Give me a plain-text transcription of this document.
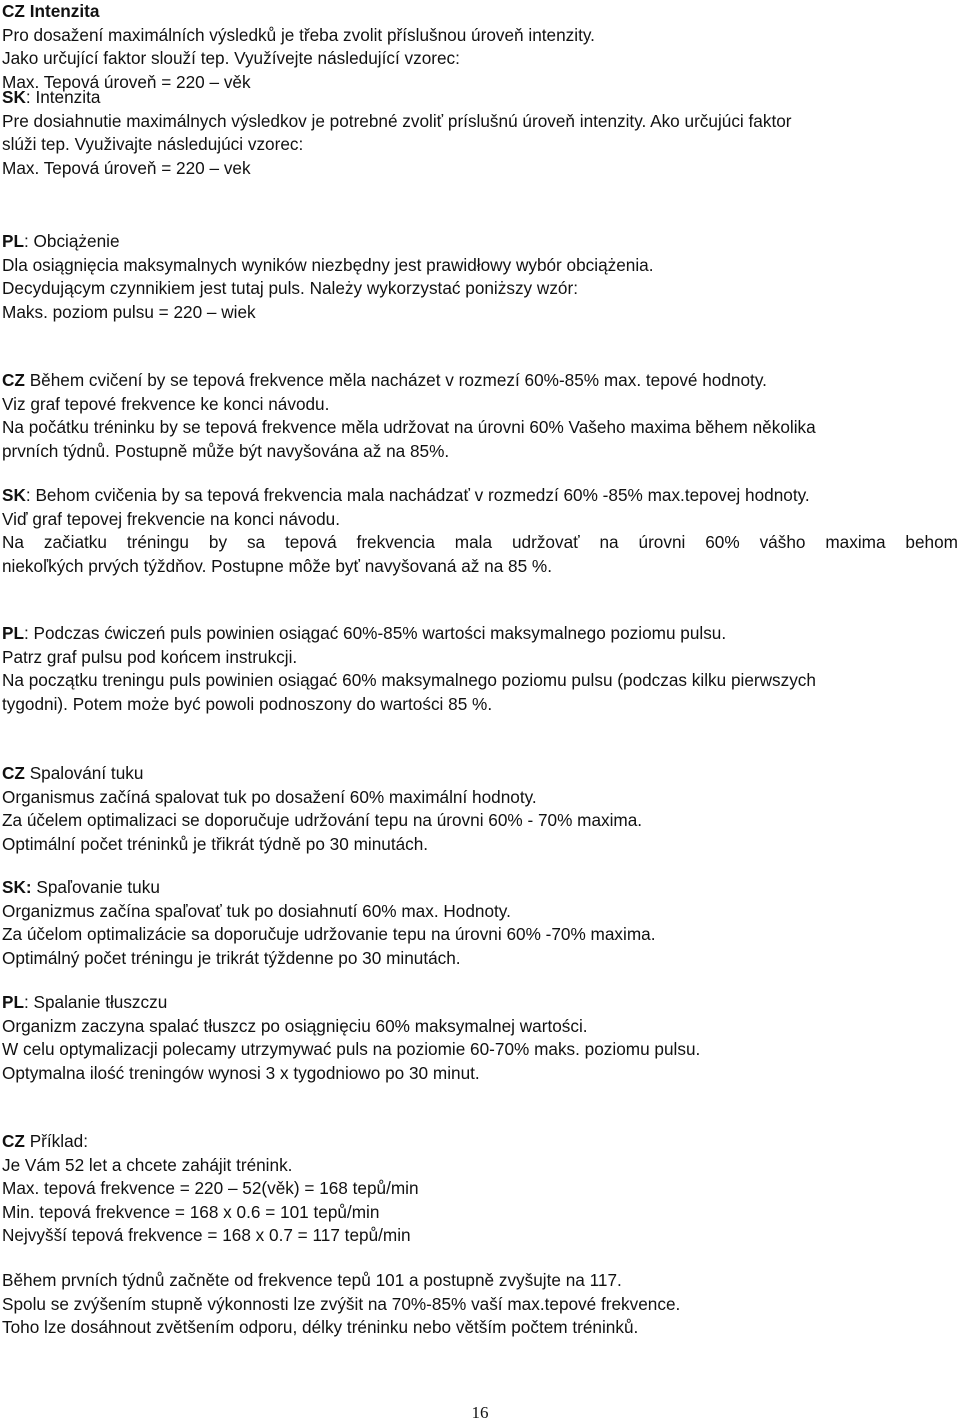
CZ Intenzita
Pro dosažení maximálních výsledků je třeba zvolit příslušnou úroveň intenzity.
Jako určující faktor slouží tep. Využívejte následující vzorec:
Max. Tepová úroveň = 220 – věk
SK: Intenzita
Pre dosiahnutie maximálnych výsledkov je potrebné zvoliť príslušnú úroveň intenzity. Ako určujúci faktor
slúži tep. Využivajte následujúci vzorec:
Max. Tepová úroveň = 220 – vek
PL: Obciążenie
Dla osiągnięcia maksymalnych wyników niezbędny jest prawidłowy wybór obciążenia.
Decydującym czynnikiem jest tutaj puls. Należy wykorzystać poniższy wzór:
Maks. poziom pulsu = 220 – wiek
CZ Během cvičení by se tepová frekvence měla nacházet v rozmezí 60%-85% max. tepové hodnoty.
Viz graf tepové frekvence ke konci návodu.
Na počátku tréninku by se tepová frekvence měla udržovat na úrovni 60% Vašeho maxima během několika
prvních týdnů. Postupně může být navyšována až na 85%.
SK: Behom cvičenia by sa tepová frekvencia mala nachádzať v rozmedzí 60% -85% max.tepovej hodnoty.
Viď graf tepovej frekvencie na konci návodu.
Na začiatku tréningu by sa tepová frekvencia mala udržovať na úrovni 60% vášho maxima behom
niekoľkých prvých týždňov. Postupne môže byť navyšovaná až na 85 %.
PL: Podczas ćwiczeń puls powinien osiągać 60%-85% wartości maksymalnego poziomu pulsu.
Patrz graf pulsu pod końcem instrukcji.
Na początku treningu puls powinien osiągać 60% maksymalnego poziomu pulsu (podczas kilku pierwszych
tygodni). Potem może być powoli podnoszony do wartości 85 %.
CZ Spalování tuku
Organismus začíná spalovat tuk po dosažení 60% maximální hodnoty.
Za účelem optimalizaci se doporučuje udržování tepu na úrovni 60% - 70% maxima.
Optimální počet tréninků je třikrát týdně po 30 minutách.
SK: Spaľovanie tuku
Organizmus začína spaľovať tuk po dosiahnutí 60% max. Hodnoty.
Za účelom optimalizácie sa doporučuje udržovanie tepu na úrovni 60% -70% maxima.
Optimálný počet tréningu je trikrát týždenne po 30 minutách.
PL: Spalanie tłuszczu
Organizm zaczyna spalać tłuszcz po osiągnięciu 60% maksymalnej wartości.
W celu optymalizacji polecamy utrzymywać puls na poziomie 60-70% maks. poziomu pulsu.
Optymalna ilość treningów wynosi 3 x tygodniowo po 30 minut.
CZ Příklad:
Je Vám 52 let a chcete zahájit trénink.
Max. tepová frekvence = 220 – 52(věk) = 168 tepů/min
Min. tepová frekvence = 168 x 0.6 = 101 tepů/min
Nejvyšší tepová frekvence = 168 x 0.7 = 117 tepů/min
Během prvních týdnů začněte od frekvence tepů 101 a postupně zvyšujte na 117.
Spolu se zvýšením stupně výkonnosti lze zvýšit na 70%-85% vaší max.tepové frekvence.
Toho lze dosáhnout zvětšením odporu, délky tréninku nebo větším počtem tréninků.
16
